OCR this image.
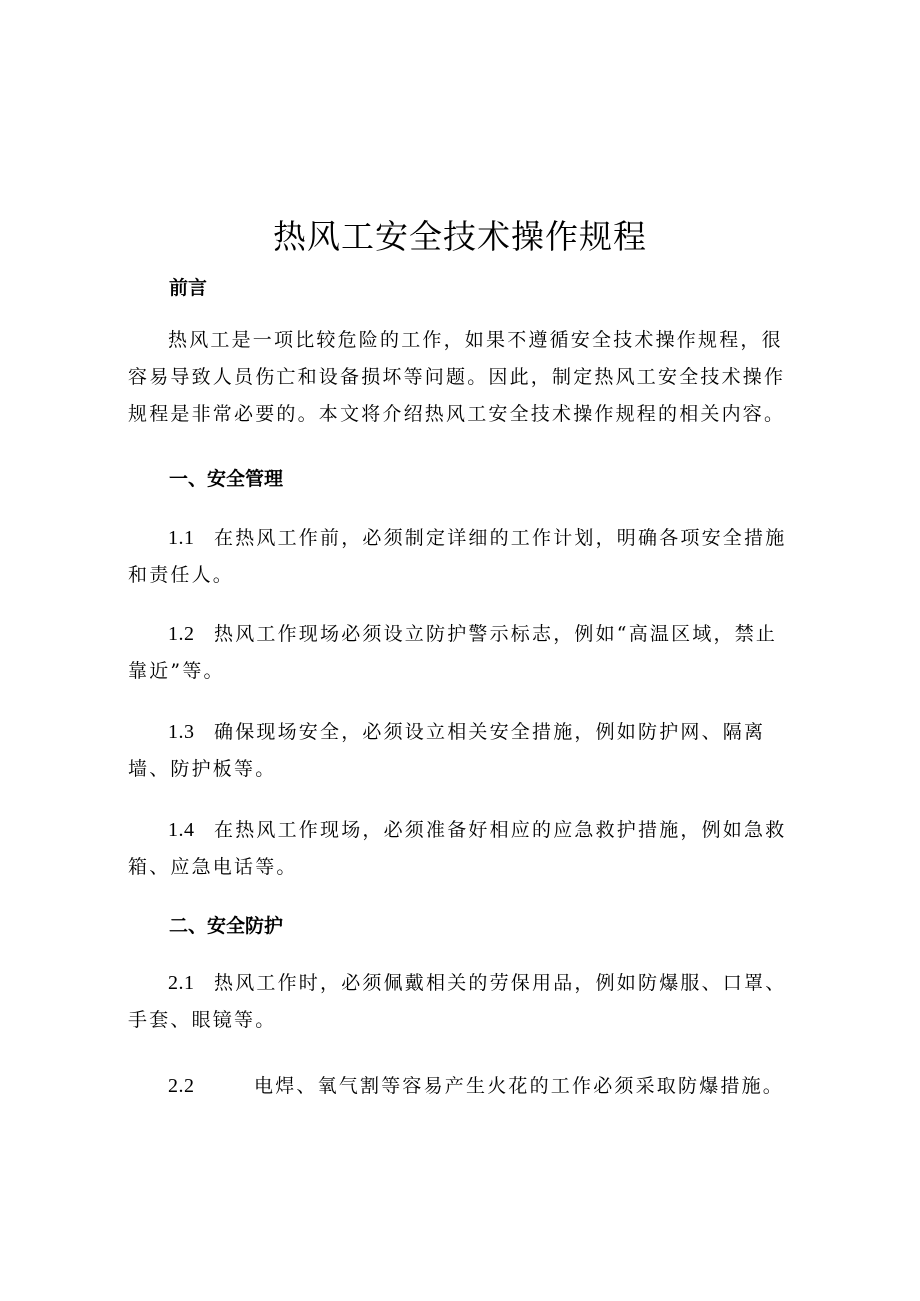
热风工安全技术操作规程
前言

热风工是一项比较危险的工作，如果不遵循安全技术操作规程，很容易导致人员伤亡和设备损坏等问题。因此，制定热风工安全技术操作规程是非常必要的。本文将介绍热风工安全技术操作规程的相关内容。

一、安全管理

1.1 在热风工作前，必须制定详细的工作计划，明确各项安全措施和责任人。

1.2 热风工作现场必须设立防护警示标志，例如“高温区域，禁止靠近”等。

1.3 确保现场安全，必须设立相关安全措施，例如防护网、隔离墙、防护板等。

1.4 在热风工作现场，必须准备好相应的应急救护措施，例如急救箱、应急电话等。

二、安全防护

2.1 热风工作时，必须佩戴相关的劳保用品，例如防爆服、口罩、手套、眼镜等。

2.2	电焊、氧气割等容易产生火花的工作必须采取防爆措施。
